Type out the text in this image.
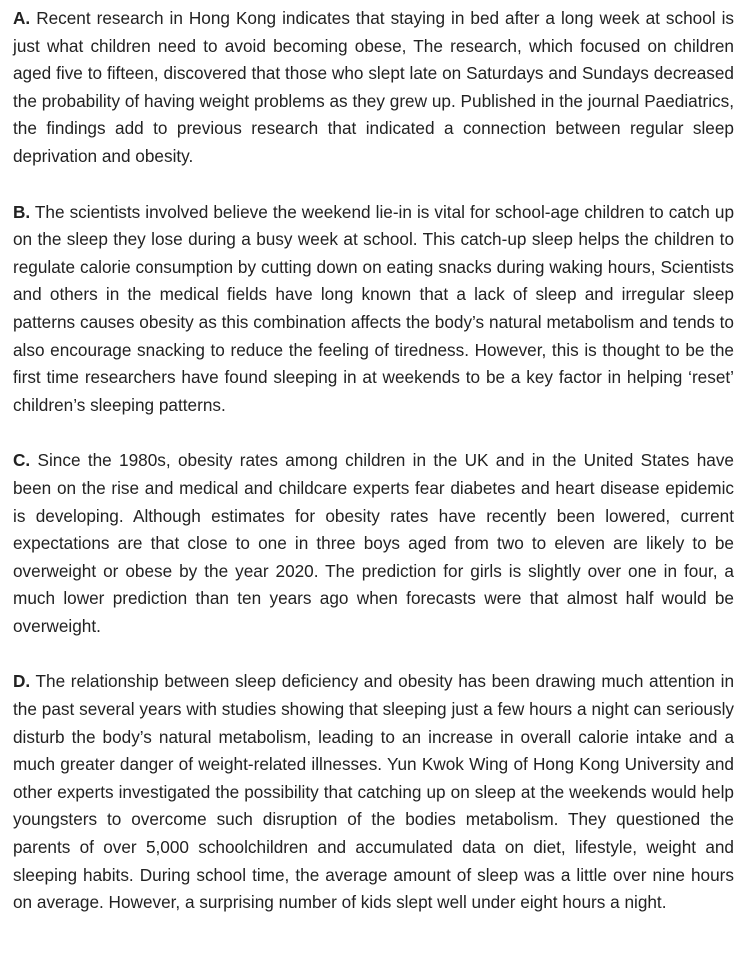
A. Recent research in Hong Kong indicates that staying in bed after a long week at school is just what children need to avoid becoming obese, The research, which focused on children aged five to fifteen, discovered that those who slept late on Saturdays and Sundays decreased the probability of having weight problems as they grew up. Published in the journal Paediatrics, the findings add to previous research that indicated a connection between regular sleep deprivation and obesity.

B. The scientists involved believe the weekend lie-in is vital for school-age children to catch up on the sleep they lose during a busy week at school. This catch-up sleep helps the children to regulate calorie consumption by cutting down on eating snacks during waking hours, Scientists and others in the medical fields have long known that a lack of sleep and irregular sleep patterns causes obesity as this combination affects the body’s natural metabolism and tends to also encourage snacking to reduce the feeling of tiredness. However, this is thought to be the first time researchers have found sleeping in at weekends to be a key factor in helping ‘reset’ children’s sleeping patterns.

C. Since the 1980s, obesity rates among children in the UK and in the United States have been on the rise and medical and childcare experts fear diabetes and heart disease epidemic is developing. Although estimates for obesity rates have recently been lowered, current expectations are that close to one in three boys aged from two to eleven are likely to be overweight or obese by the year 2020. The prediction for girls is slightly over one in four, a much lower prediction than ten years ago when forecasts were that almost half would be overweight.

D. The relationship between sleep deficiency and obesity has been drawing much attention in the past several years with studies showing that sleeping just a few hours a night can seriously disturb the body’s natural metabolism, leading to an increase in overall calorie intake and a much greater danger of weight-related illnesses. Yun Kwok Wing of Hong Kong University and other experts investigated the possibility that catching up on sleep at the weekends would help youngsters to overcome such disruption of the bodies metabolism. They questioned the parents of over 5,000 schoolchildren and accumulated data on diet, lifestyle, weight and sleeping habits. During school time, the average amount of sleep was a little over nine hours on average. However, a surprising number of kids slept well under eight hours a night.
